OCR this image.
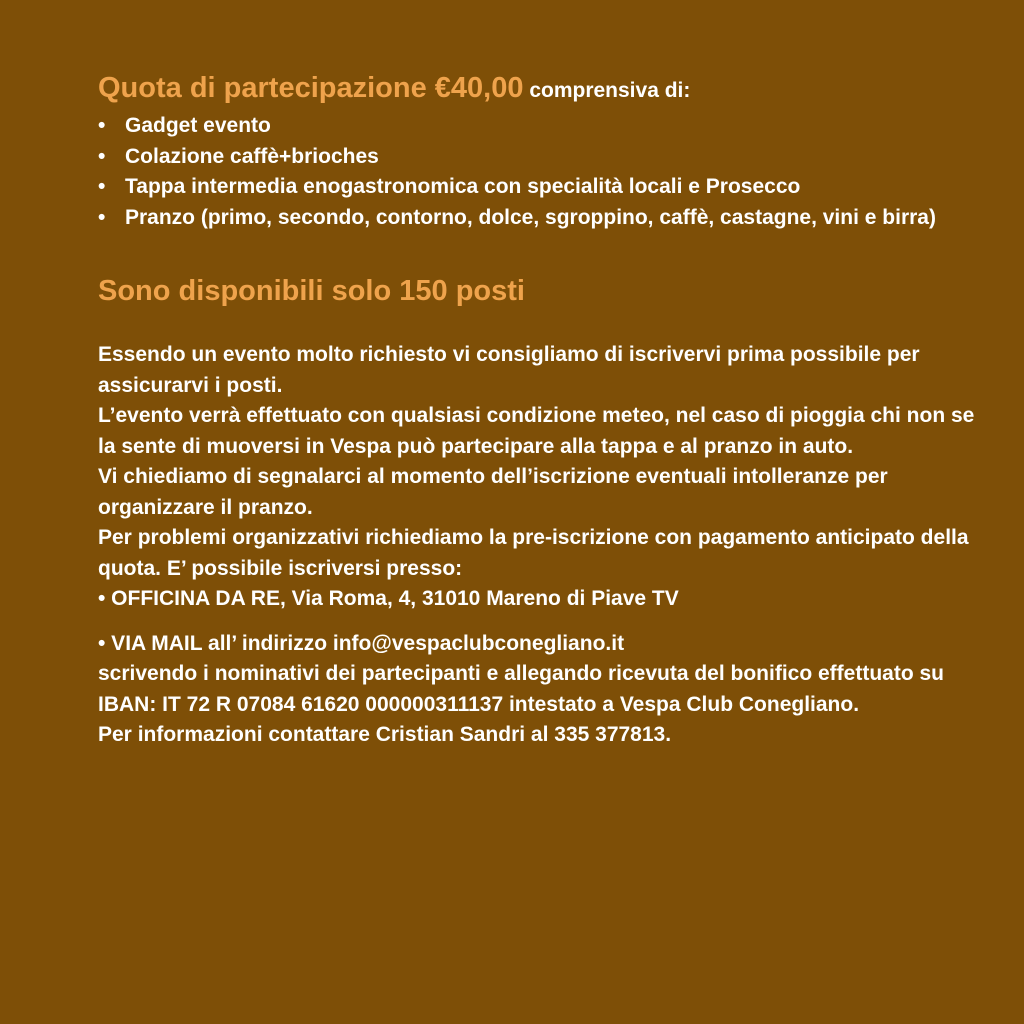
Quota di partecipazione €40,00 comprensiva di:

• Gadget evento
• Colazione caffè+brioches
• Tappa intermedia enogastronomica con specialità locali e Prosecco
• Pranzo (primo, secondo, contorno, dolce, sgroppino, caffè, castagne, vini e birra)
Sono disponibili solo 150 posti

Essendo un evento molto richiesto vi consigliamo di iscrivervi prima possibile per assicurarvi i posti.

L’evento verrà effettuato con qualsiasi condizione meteo, nel caso di pioggia chi non se la sente di muoversi in Vespa può partecipare alla tappa e al pranzo in auto.

Vi chiediamo di segnalarci al momento dell’iscrizione eventuali intolleranze per organizzare il pranzo.

Per problemi organizzativi richiediamo la pre-iscrizione con pagamento anticipato della quota. E’ possibile iscriversi presso:

• OFFICINA DA RE, Via Roma, 4, 31010 Mareno di Piave TV

• VIA MAIL all’ indirizzo info@vespaclubconegliano.it

scrivendo i nominativi dei partecipanti e allegando ricevuta del bonifico effettuato su IBAN: IT 72 R 07084 61620 000000311137 intestato a Vespa Club Conegliano.

Per informazioni contattare Cristian Sandri al 335 377813.
